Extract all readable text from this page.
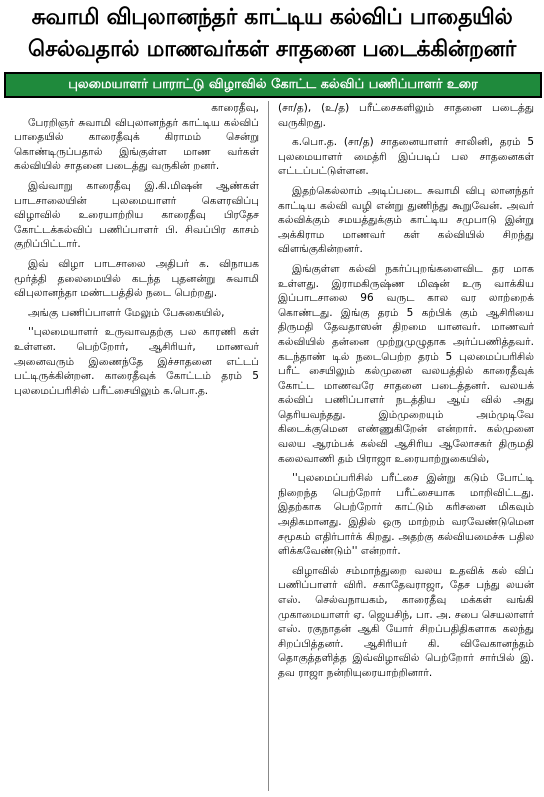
சுவாமி விபுலானந்தர் காட்டிய கல்விப் பாதையில்
செல்வதால் மாணவர்கள் சாதனை படைக்கின்றனர்
புலமையாளர் பாராட்டு விழாவில் கோட்ட கல்விப் பணிப்பாளர் உரை

காரைதீவு,

பேரறிஞர் சுவாமி விபுலானந்தர் காட்டிய கல்விப் பாதையில் காரைதீவுக் கிராமம் சென்று கொண்டிருப்பதால் இங்குள்ள மாண வர்கள் கல்வியில் சாதனை படைத்து வருகின் றனர்.

இவ்வாறு காரைதீவு இ.கி.மிஷன் ஆண்கள் பாடசாலையின் புலமையாளர் கௌரவிப்பு விழாவில் உரையாற்றிய காரைதீவு பிரதேச கோட்டக்கல்விப் பணிப்பாளர் பி. சிவப்பிர காசம் குறிப்பிட்டார்.

இவ் விழா பாடசாலை அதிபர் க. விநாயக மூர்த்தி தலைமையில் கடந்த புதனன்று சுவாமி விபுலானந்தா மண்டபத்தில் நடை பெற்றது.

அங்கு பணிப்பாளர் மேலும் பேசுகையில்,

''புலமையாளர் உருவாவதற்கு பல காரணி கள் உள்ளன. பெற்றோர், ஆசிரியர், மாணவர் அனைவரும் இணைந்தே இச்சாதனை எட்டப் பட்டிருக்கின்றன. காரைதீவுக் கோட்டம் தரம் 5 புலமைப்பரிசில் பரீட்சையிலும் க.பொ.த.

(சா/த), (உ/த) பரீட்சைகளிலும் சாதனை படைத்து வருகிறது.

க.பொ.த. (சா/த) சாதனையாளர் சாலினி, தரம் 5 புலமையாளர் மைத்ரி இப்படிப் பல சாதனைகள் எட்டப்பட்டுள்ளன.

இதற்கெல்லாம் அடிப்படை சுவாமி விபு லானந்தர் காட்டிய கல்வி வழி என்று துணிந்து கூறுவேன். அவர் கல்விக்கும் சமயத்துக்கும் காட்டிய சமுபாடு இன்று அக்கிராம மாணவர் கள் கல்வியில் சிறந்து விளங்குகின்றனர்.

இங்குள்ள கல்வி நகர்ப்புறங்களைவிட தர மாக உள்ளது. இராமகிருஷ்ண மிஷன் உரு வாக்கிய இப்பாடசாலை 96 வருட கால வர லாற்றைக் கொண்டது. இங்கு தரம் 5 கற்பிக் கும் ஆசிரியை திருமதி தேவதாஸன் திறமை யானவர். மாணவர் கல்வியில் தன்னை முற்றுமுழுதாக அர்ப்பணித்தவர். கடந்தாண் டில் நடைபெற்ற தரம் 5 புலமைப்பரிசில் பரீட் சையிலும் கல்முனை வலயத்தில் காரைதீவுக் கோட்ட மாணவரே சாதனை படைத்தனர். வலயக் கல்விப் பணிப்பாளர் நடத்திய ஆய் வில் அது தெரியவந்தது. இம்முறையும் அம்முடிவே கிடைக்குமென எண்ணுகிறேன் என்றார். கல்முனை வலய ஆரம்பக் கல்வி ஆசிரிய ஆலோசகர் திருமதி கலைவாணி தம் பிராஜா உரையாற்றுகையில்,

''புலமைப்பரிசில் பரீட்சை இன்று கடும் போட்டி நிறைந்த பெற்றோர் பரீட்சையாக மாறிவிட்டது. இதற்காக பெற்றோர் காட்டும் கரிசனை மிகவும் அதிகமானது. இதில் ஒரு மாற்றம் வரவேண்டுமென சமூகம் எதிர்பார்க் கிறது. அதற்கு கல்வியமைச்சு பதில ளிக்கவேண்டும்'' என்றார்.

விழாவில் சம்மாந்துறை வலய உதவிக் கல் விப் பணிப்பாளர் விரி. சகாதேவராஜா, தேச பந்து லயன் எஸ். செல்வநாயகம், காரைதீவு மக்கள் வங்கி முகாமையாளர் ஏ. ஜெயசிந், பா. அ. சபை செயலாளர் எஸ். ரகுநாதன் ஆகி யோர் சிறப்பதிதிகளாக கலந்து சிறப்பித்தனர். ஆசிரியர் கி. விவேகானந்தம் தொகுத்தளித்த இவ்விழாவில் பெற்றோர் சார்பில் இ. தவ ராஜா நன்றியுரையாற்றினார்.
